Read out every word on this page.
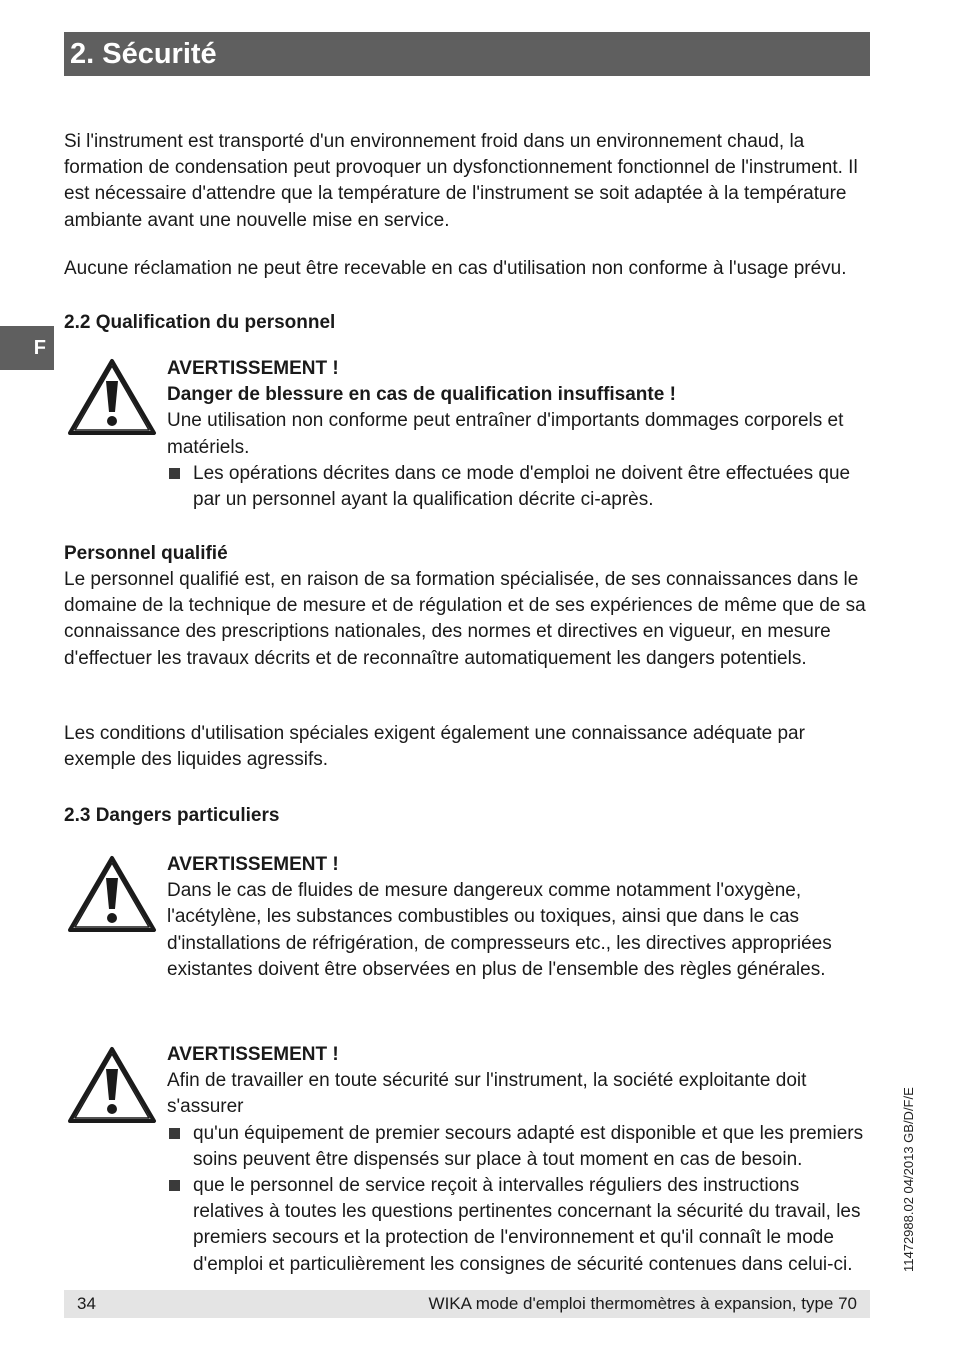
2. Sécurité
F

Si l'instrument est transporté d'un environnement froid dans un environnement chaud, la formation de condensation peut provoquer un dysfonctionnement fonctionnel de l'instrument. Il est nécessaire d'attendre que la température de l'instrument se soit adaptée à la température ambiante avant une nouvelle mise en service.

Aucune réclamation ne peut être recevable en cas d'utilisation non conforme à l'usage prévu.

2.2 Qualification du personnel

AVERTISSEMENT !
Danger de blessure en cas de qualification insuffisante !
Une utilisation non conforme peut entraîner d'importants dommages corporels et matériels.
Les opérations décrites dans ce mode d'emploi ne doivent être effectuées que par un personnel ayant la qualification décrite ci-après.

Personnel qualifié

Le personnel qualifié est, en raison de sa formation spécialisée, de ses connaissances dans le domaine de la technique de mesure et de régulation et de ses expériences de même que de sa connaissance des prescriptions nationales, des normes et directives en vigueur, en mesure d'effectuer les travaux décrits et de reconnaître automatiquement les dangers potentiels.

Les conditions d'utilisation spéciales exigent également une connaissance adéquate par exemple des liquides agressifs.

2.3 Dangers particuliers

AVERTISSEMENT !
Dans le cas de fluides de mesure dangereux comme notamment l'oxygène, l'acétylène, les substances combustibles ou toxiques, ainsi que dans le cas d'installations de réfrigération, de compresseurs etc., les directives appropriées existantes doivent être observées en plus de l'ensemble des règles générales.
AVERTISSEMENT !
Afin de travailler en toute sécurité sur l'instrument, la société exploitante doit s'assurer
qu'un équipement de premier secours adapté est disponible et que les premiers soins peuvent être dispensés sur place à tout moment en cas de besoin.
que le personnel de service reçoit à intervalles réguliers des instructions relatives à toutes les questions pertinentes concernant la sécurité du travail, les premiers secours et la protection de l'environnement et qu'il connaît le mode d'emploi et particulièrement les consignes de sécurité contenues dans celui-ci.	11472988.02 04/2013 GB/D/F/E
34	WIKA mode d'emploi thermomètres à expansion, type 70
